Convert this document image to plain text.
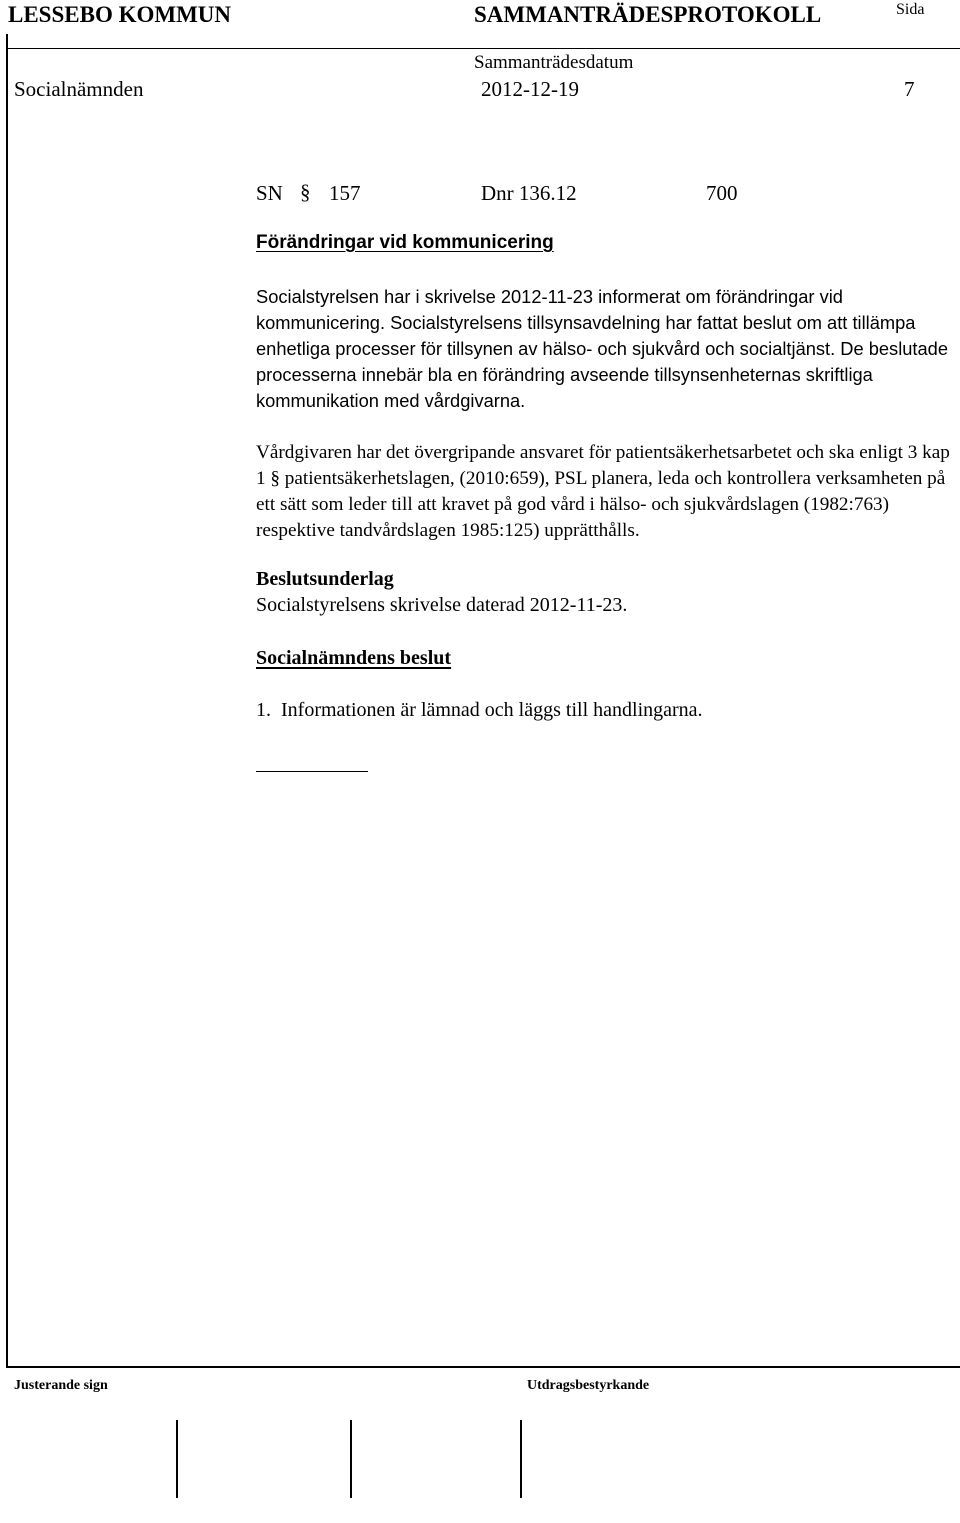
LESSEBO KOMMUN	SAMMANTRÄDESPROTOKOLL	Sida
Sammanträdesdatum
Socialnämnden	2012-12-19	7
SN § 157	Dnr 136.12	700
Förändringar vid kommunicering
Socialstyrelsen har i skrivelse 2012-11-23 informerat om förändringar vid kommunicering. Socialstyrelsens tillsynsavdelning har fattat beslut om att tillämpa enhetliga processer för tillsynen av hälso- och sjukvård och socialtjänst. De beslutade processerna innebär bla en förändring avseende tillsynsenheternas skriftliga kommunikation med vårdgivarna.
Vårdgivaren har det övergripande ansvaret för patientsäkerhetsarbetet och ska enligt 3 kap 1 § patientsäkerhetslagen, (2010:659), PSL planera, leda och kontrollera verksamheten på ett sätt som leder till att kravet på god vård i hälso- och sjukvårdslagen (1982:763) respektive tandvårdslagen 1985:125) upprätthålls.
Beslutsunderlag
Socialstyrelsens skrivelse daterad 2012-11-23.
Socialnämndens beslut
1.  Informationen är lämnad och läggs till handlingarna.
Justerande sign	Utdragsbestyrkande
